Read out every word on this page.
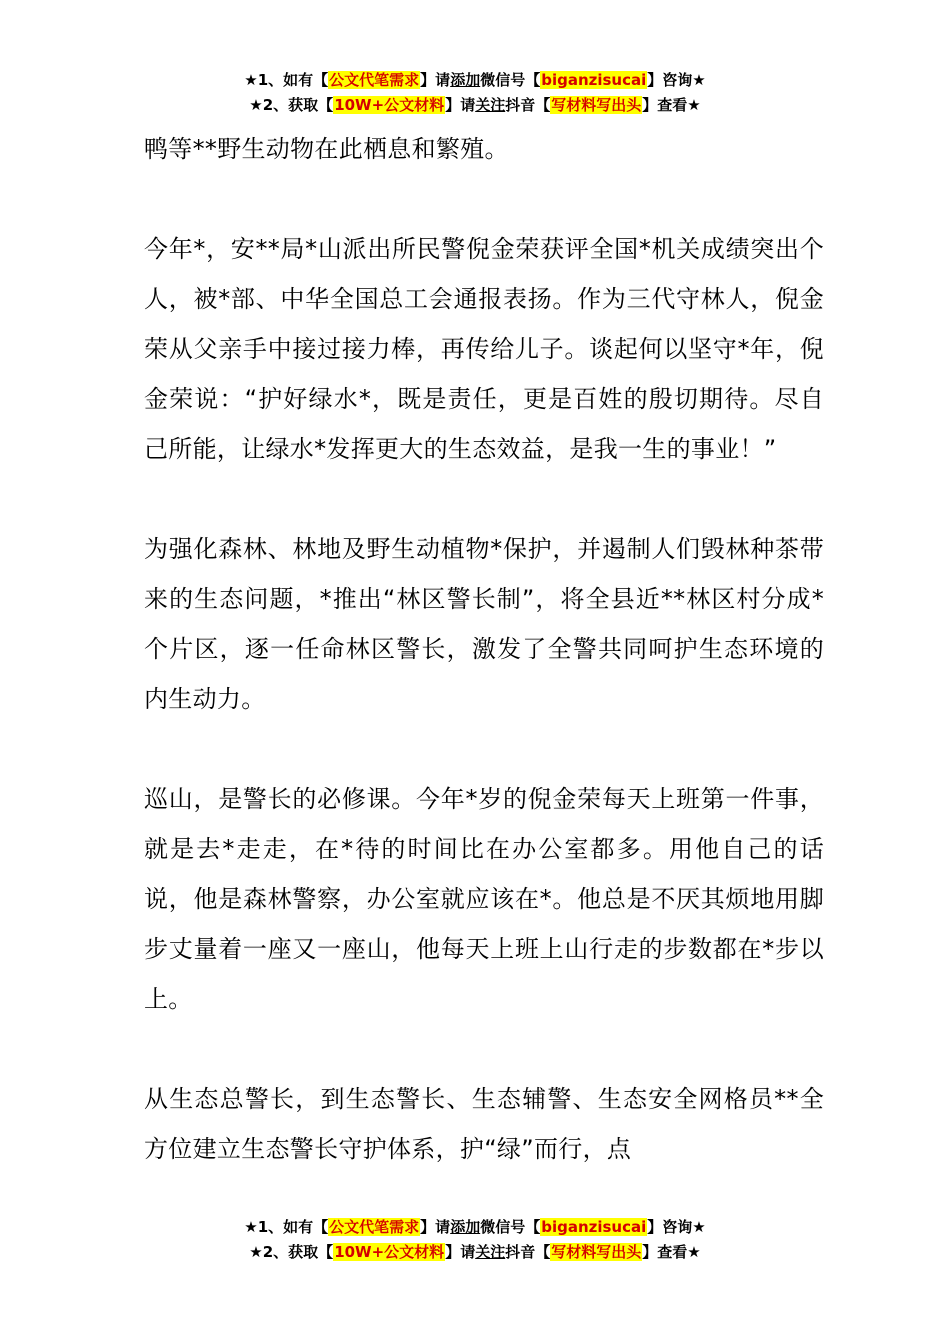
★1、如有【公文代笔需求】请添加微信号【biganzisucai】咨询★
★2、获取【10W+公文材料】请关注抖音【写材料写出头】查看★

鸭等**野生动物在此栖息和繁殖。

今年*，安**局*山派出所民警倪金荣获评全国*机关成绩突出个人，被*部、中华全国总工会通报表扬。作为三代守林人，倪金荣从父亲手中接过接力棒，再传给儿子。谈起何以坚守*年，倪金荣说：“护好绿水*，既是责任，更是百姓的殷切期待。尽自己所能，让绿水*发挥更大的生态效益，是我一生的事业！”

为强化森林、林地及野生动植物*保护，并遏制人们毁林种茶带来的生态问题，*推出“林区警长制”，将全县近**林区村分成*个片区，逐一任命林区警长，激发了全警共同呵护生态环境的内生动力。

巡山，是警长的必修课。今年*岁的倪金荣每天上班第一件事，就是去*走走，在*待的时间比在办公室都多。用他自己的话说，他是森林警察，办公室就应该在*。他总是不厌其烦地用脚步丈量着一座又一座山，他每天上班上山行走的步数都在*步以上。

从生态总警长，到生态警长、生态辅警、生态安全网格员**全方位建立生态警长守护体系，护“绿”而行，点

★1、如有【公文代笔需求】请添加微信号【biganzisucai】咨询★
★2、获取【10W+公文材料】请关注抖音【写材料写出头】查看★
